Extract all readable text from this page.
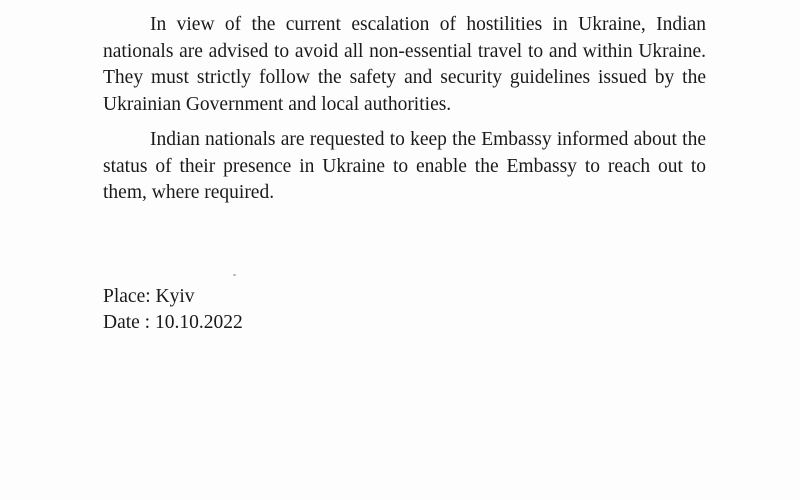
In view of the current escalation of hostilities in Ukraine, Indian nationals are advised to avoid all non-essential travel to and within Ukraine. They must strictly follow the safety and security guidelines issued by the Ukrainian Government and local authorities.

Indian nationals are requested to keep the Embassy informed about the status of their presence in Ukraine to enable the Embassy to reach out to them, where required.

Place: Kyiv
Date : 10.10.2022
